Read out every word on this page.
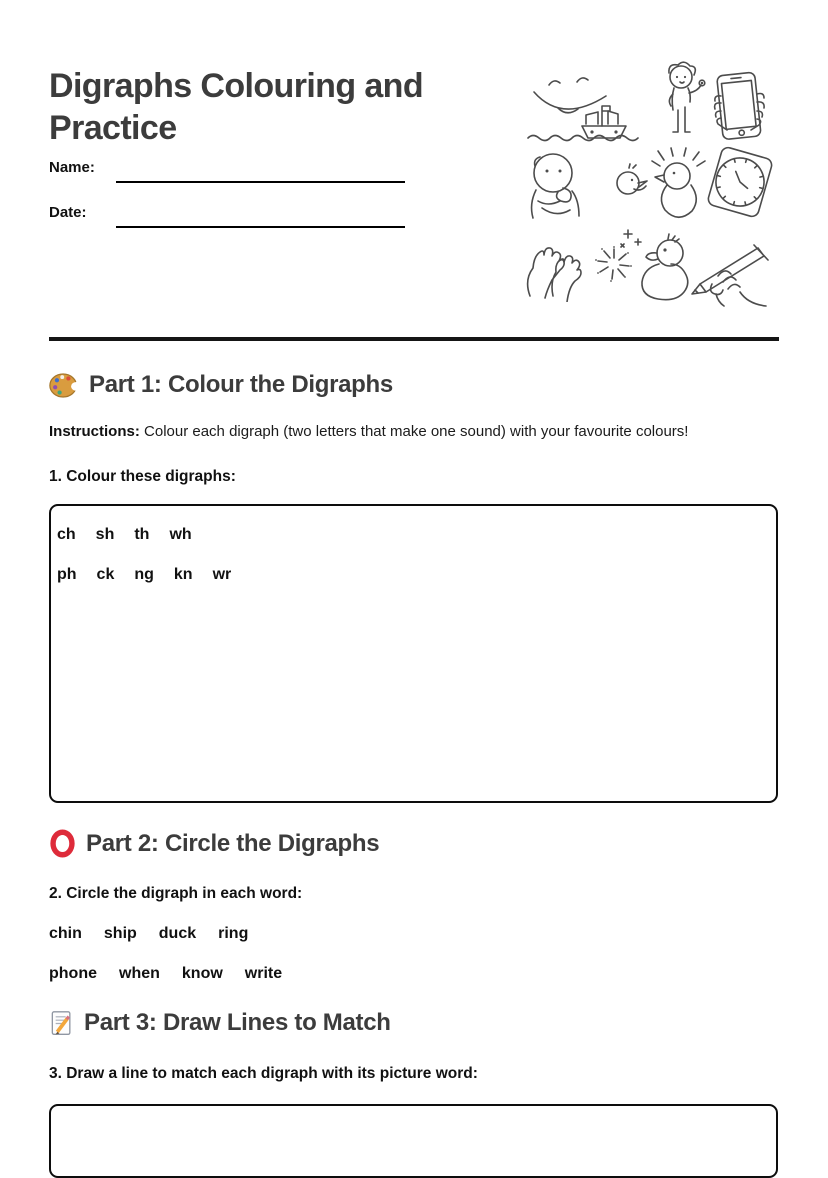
Digraphs Colouring and Practice
Name:
Date:
Part 1: Colour the Digraphs

Instructions: Colour each digraph (two letters that make one sound) with your favourite colours!

1. Colour these digraphs:
ch sh th wh
ph ck ng kn wr
Part 2: Circle the Digraphs
2. Circle the digraph in each word:
chin ship duck ring
phone when know write
Part 3: Draw Lines to Match
3. Draw a line to match each digraph with its picture word:
